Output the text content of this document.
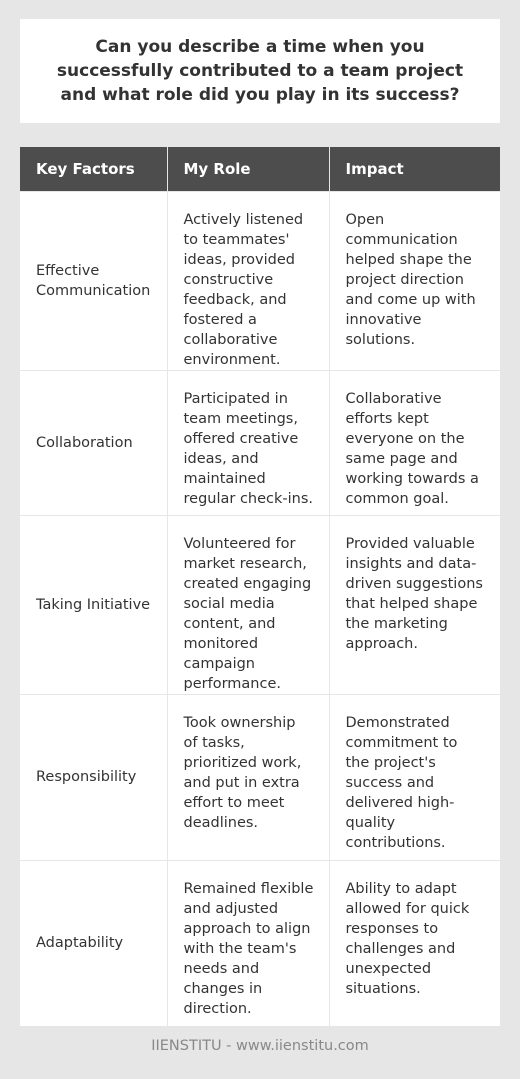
Can you describe a time when you successfully contributed to a team project and what role did you play in its success?
Key Factors	My Role	Impact

Effective Communication	Actively listened to teammates' ideas, provided constructive feedback, and fostered a collaborative environment.	Open communication helped shape the project direction and come up with innovative solutions.

Collaboration	Participated in team meetings, offered creative ideas, and maintained regular check-ins.	Collaborative efforts kept everyone on the same page and working towards a common goal.

Taking Initiative	Volunteered for market research, created engaging social media content, and monitored campaign performance.	Provided valuable insights and data-driven suggestions that helped shape the marketing approach.

Responsibility	Took ownership of tasks, prioritized work, and put in extra effort to meet deadlines.	Demonstrated commitment to the project's success and delivered high-quality contributions.

Adaptability	Remained flexible and adjusted approach to align with the team's needs and changes in direction.	Ability to adapt allowed for quick responses to challenges and unexpected situations.
IIENSTITU - www.iienstitu.com
